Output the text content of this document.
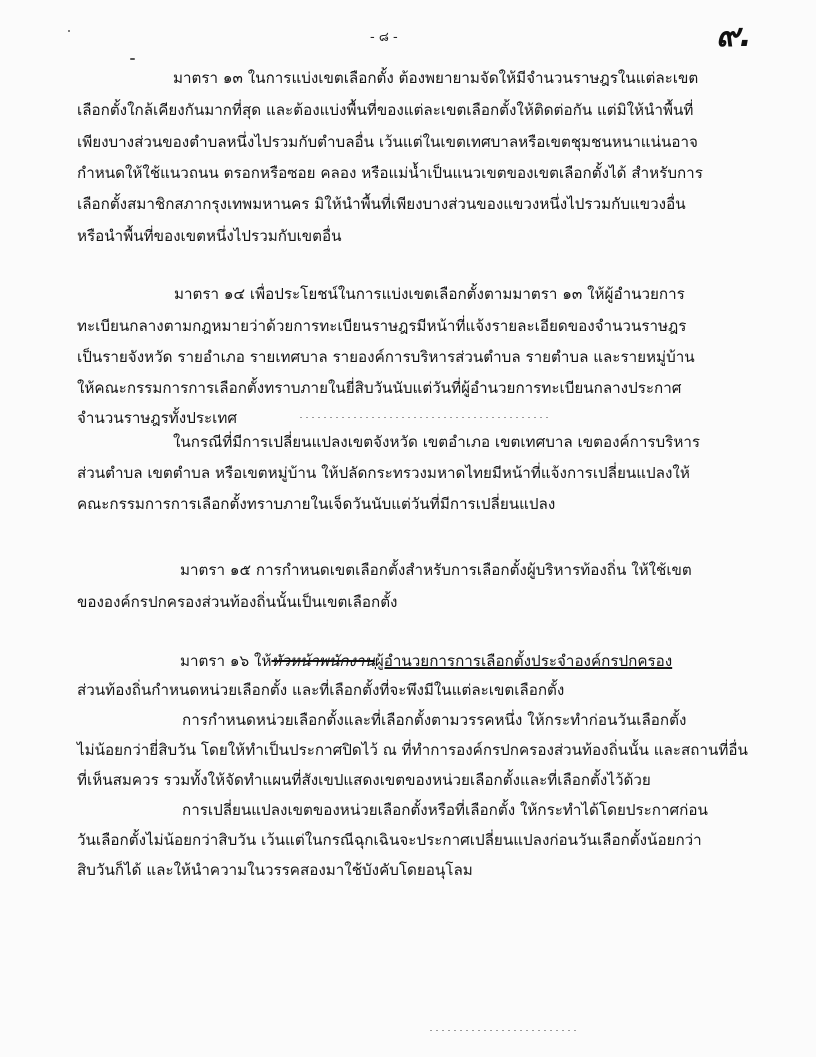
- ๘ -	๙.
มาตรา ๑๓ ในการแบ่งเขตเลือกตั้ง ต้องพยายามจัดให้มีจำนวนราษฎรในแต่ละเขต
เลือกตั้งใกล้เคียงกันมากที่สุด และต้องแบ่งพื้นที่ของแต่ละเขตเลือกตั้งให้ติดต่อกัน แต่มิให้นำพื้นที่
เพียงบางส่วนของตำบลหนึ่งไปรวมกับตำบลอื่น เว้นแต่ในเขตเทศบาลหรือเขตชุมชนหนาแน่นอาจ
กำหนดให้ใช้แนวถนน ตรอกหรือซอย คลอง หรือแม่น้ำเป็นแนวเขตของเขตเลือกตั้งได้ สำหรับการ
เลือกตั้งสมาชิกสภากรุงเทพมหานคร มิให้นำพื้นที่เพียงบางส่วนของแขวงหนึ่งไปรวมกับแขวงอื่น
หรือนำพื้นที่ของเขตหนึ่งไปรวมกับเขตอื่น
มาตรา ๑๔ เพื่อประโยชน์ในการแบ่งเขตเลือกตั้งตามมาตรา ๑๓ ให้ผู้อำนวยการ
ทะเบียนกลางตามกฎหมายว่าด้วยการทะเบียนราษฎรมีหน้าที่แจ้งรายละเอียดของจำนวนราษฎร
เป็นรายจังหวัด รายอำเภอ รายเทศบาล รายองค์การบริหารส่วนตำบล รายตำบล และรายหมู่บ้าน
ให้คณะกรรมการการเลือกตั้งทราบภายในยี่สิบวันนับแต่วันที่ผู้อำนวยการทะเบียนกลางประกาศ
จำนวนราษฎรทั้งประเทศ
ในกรณีที่มีการเปลี่ยนแปลงเขตจังหวัด เขตอำเภอ เขตเทศบาล เขตองค์การบริหาร
ส่วนตำบล เขตตำบล หรือเขตหมู่บ้าน ให้ปลัดกระทรวงมหาดไทยมีหน้าที่แจ้งการเปลี่ยนแปลงให้
คณะกรรมการการเลือกตั้งทราบภายในเจ็ดวันนับแต่วันที่มีการเปลี่ยนแปลง
มาตรา ๑๕ การกำหนดเขตเลือกตั้งสำหรับการเลือกตั้งผู้บริหารท้องถิ่น ให้ใช้เขต
ขององค์กรปกครองส่วนท้องถิ่นนั้นเป็นเขตเลือกตั้ง
มาตรา ๑๖ ให้หัวหน้าพนักงานผู้อำนวยการการเลือกตั้งประจำองค์กรปกครอง
ส่วนท้องถิ่นกำหนดหน่วยเลือกตั้ง และที่เลือกตั้งที่จะพึงมีในแต่ละเขตเลือกตั้ง
การกำหนดหน่วยเลือกตั้งและที่เลือกตั้งตามวรรคหนึ่ง ให้กระทำก่อนวันเลือกตั้ง
ไม่น้อยกว่ายี่สิบวัน โดยให้ทำเป็นประกาศปิดไว้ ณ ที่ทำการองค์กรปกครองส่วนท้องถิ่นนั้น และสถานที่อื่น
ที่เห็นสมควร รวมทั้งให้จัดทำแผนที่สังเขปแสดงเขตของหน่วยเลือกตั้งและที่เลือกตั้งไว้ด้วย
การเปลี่ยนแปลงเขตของหน่วยเลือกตั้งหรือที่เลือกตั้ง ให้กระทำได้โดยประกาศก่อน
วันเลือกตั้งไม่น้อยกว่าสิบวัน เว้นแต่ในกรณีฉุกเฉินจะประกาศเปลี่ยนแปลงก่อนวันเลือกตั้งน้อยกว่า
สิบวันก็ได้ และให้นำความในวรรคสองมาใช้บังคับโดยอนุโลม
